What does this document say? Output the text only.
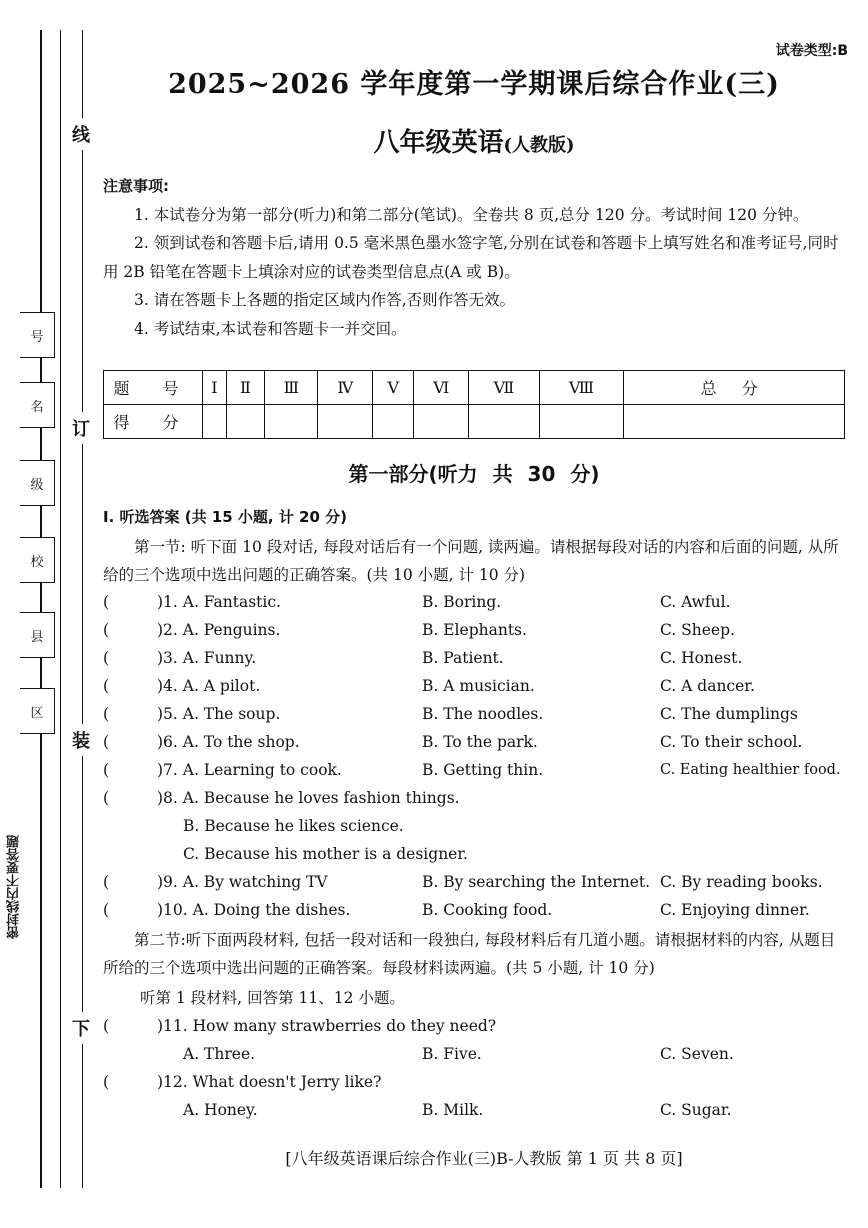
线
订
装
下
号
名
级
校
县
区
密封线内不要答题
试卷类型:B
2025~2026 学年度第一学期课后综合作业(三)
八年级英语(人教版)
注意事项:

1. 本试卷分为第一部分(听力)和第二部分(笔试)。全卷共 8 页,总分 120 分。考试时间 120 分钟。

2. 领到试卷和答题卡后,请用 0.5 毫米黑色墨水签字笔,分别在试卷和答题卡上填写姓名和准考证号,同时用 2B 铅笔在答题卡上填涂对应的试卷类型信息点(A 或 B)。

3. 请在答题卡上各题的指定区域内作答,否则作答无效。

4. 考试结束,本试卷和答题卡一并交回。

题 号	Ⅰ	Ⅱ	Ⅲ	Ⅳ	Ⅴ	Ⅵ	Ⅶ	Ⅷ	总 分
得 分									
第一部分(听力 共 30 分)
Ⅰ. 听选答案 (共 15 小题, 计 20 分)
第一节: 听下面 10 段对话, 每段对话后有一个问题, 读两遍。请根据每段对话的内容和后面的问题, 从所给的三个选项中选出问题的正确答案。(共 10 小题, 计 10 分)
(	)1. A. Fantastic.	B. Boring.	C. Awful.
(	)2. A. Penguins.	B. Elephants.	C. Sheep.
(	)3. A. Funny.	B. Patient.	C. Honest.
(	)4. A. A pilot.	B. A musician.	C. A dancer.
(	)5. A. The soup.	B. The noodles.	C. The dumplings
(	)6. A. To the shop.	B. To the park.	C. To their school.
(	)7. A. Learning to cook.	B. Getting thin.	C. Eating healthier food.
(	)8. A. Because he loves fashion things.
B. Because he likes science.
C. Because his mother is a designer.
(	)9. A. By watching TV	B. By searching the Internet. C. By reading books.
(	)10. A. Doing the dishes.	B. Cooking food.	C. Enjoying dinner.
第二节:听下面两段材料, 包括一段对话和一段独白, 每段材料后有几道小题。请根据材料的内容, 从题目所给的三个选项中选出问题的正确答案。每段材料读两遍。(共 5 小题, 计 10 分)
听第 1 段材料, 回答第 11、12 小题。
(	)11. How many strawberries do they need?
A. Three.	B. Five.	C. Seven.
(	)12. What doesn't Jerry like?
A. Honey.	B. Milk.	C. Sugar.
[八年级英语课后综合作业(三)B-人教版 第 1 页 共 8 页]
